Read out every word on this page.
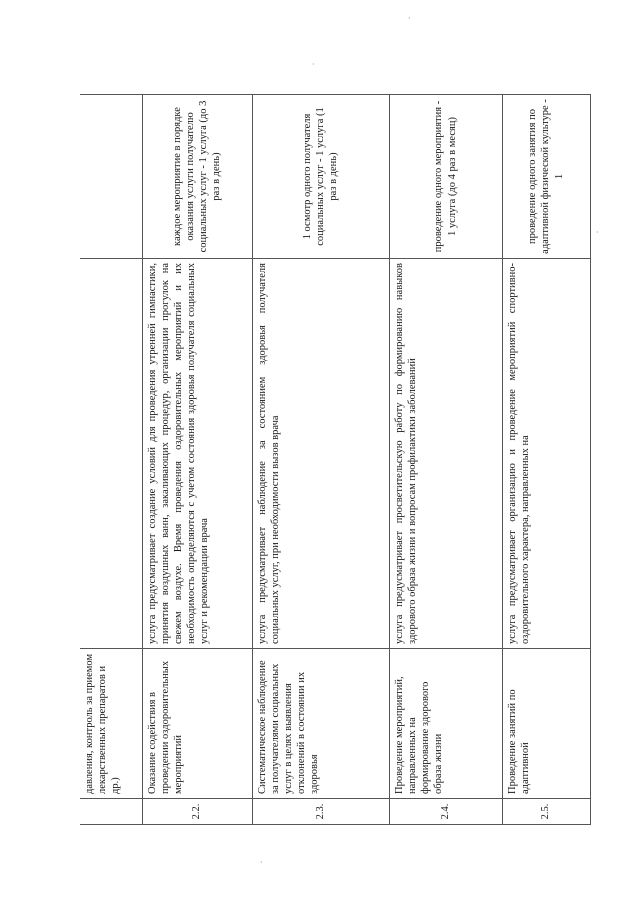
·
·
·
·
	давления, контроль за приемом лекарственных препаратов и др.)		
2.2.	Оказание содействия в проведении оздоровительных мероприятий	услуга предусматривает создание условий для проведения утренней гимнастики, принятия воздушных ванн, закаливающих процедур, организации прогулок на свежем воздухе. Время проведения оздоровительных мероприятий и их необходимость определяются с учетом состояния здоровья получателя социальных услуг и рекомендации врача	каждое мероприятие в порядке оказания услуги получателю социальных услуг - 1 услуга (до 3 раз в день)
2.3.	Систематическое наблюдение за получателями социальных услуг в целях выявления отклонений в состоянии их здоровья	услуга предусматривает наблюдение за состоянием здоровья получателя социальных услуг, при необходимости вызов врача	1 осмотр одного получателя социальных услуг - 1 услуга (1 раз в день)
2.4.	Проведение мероприятий, направленных на формирование здорового образа жизни	услуга предусматривает просветительскую работу по формированию навыков здорового образа жизни и вопросам профилактики заболеваний	проведение одного мероприятия - 1 услуга (до 4 раз в месяц)
2.5.	Проведение занятий по адаптивной	услуга предусматривает организацию и проведение мероприятий спортивно-оздоровительного характера, направленных на	проведение одного занятия по адаптивной физической культуре - 1
